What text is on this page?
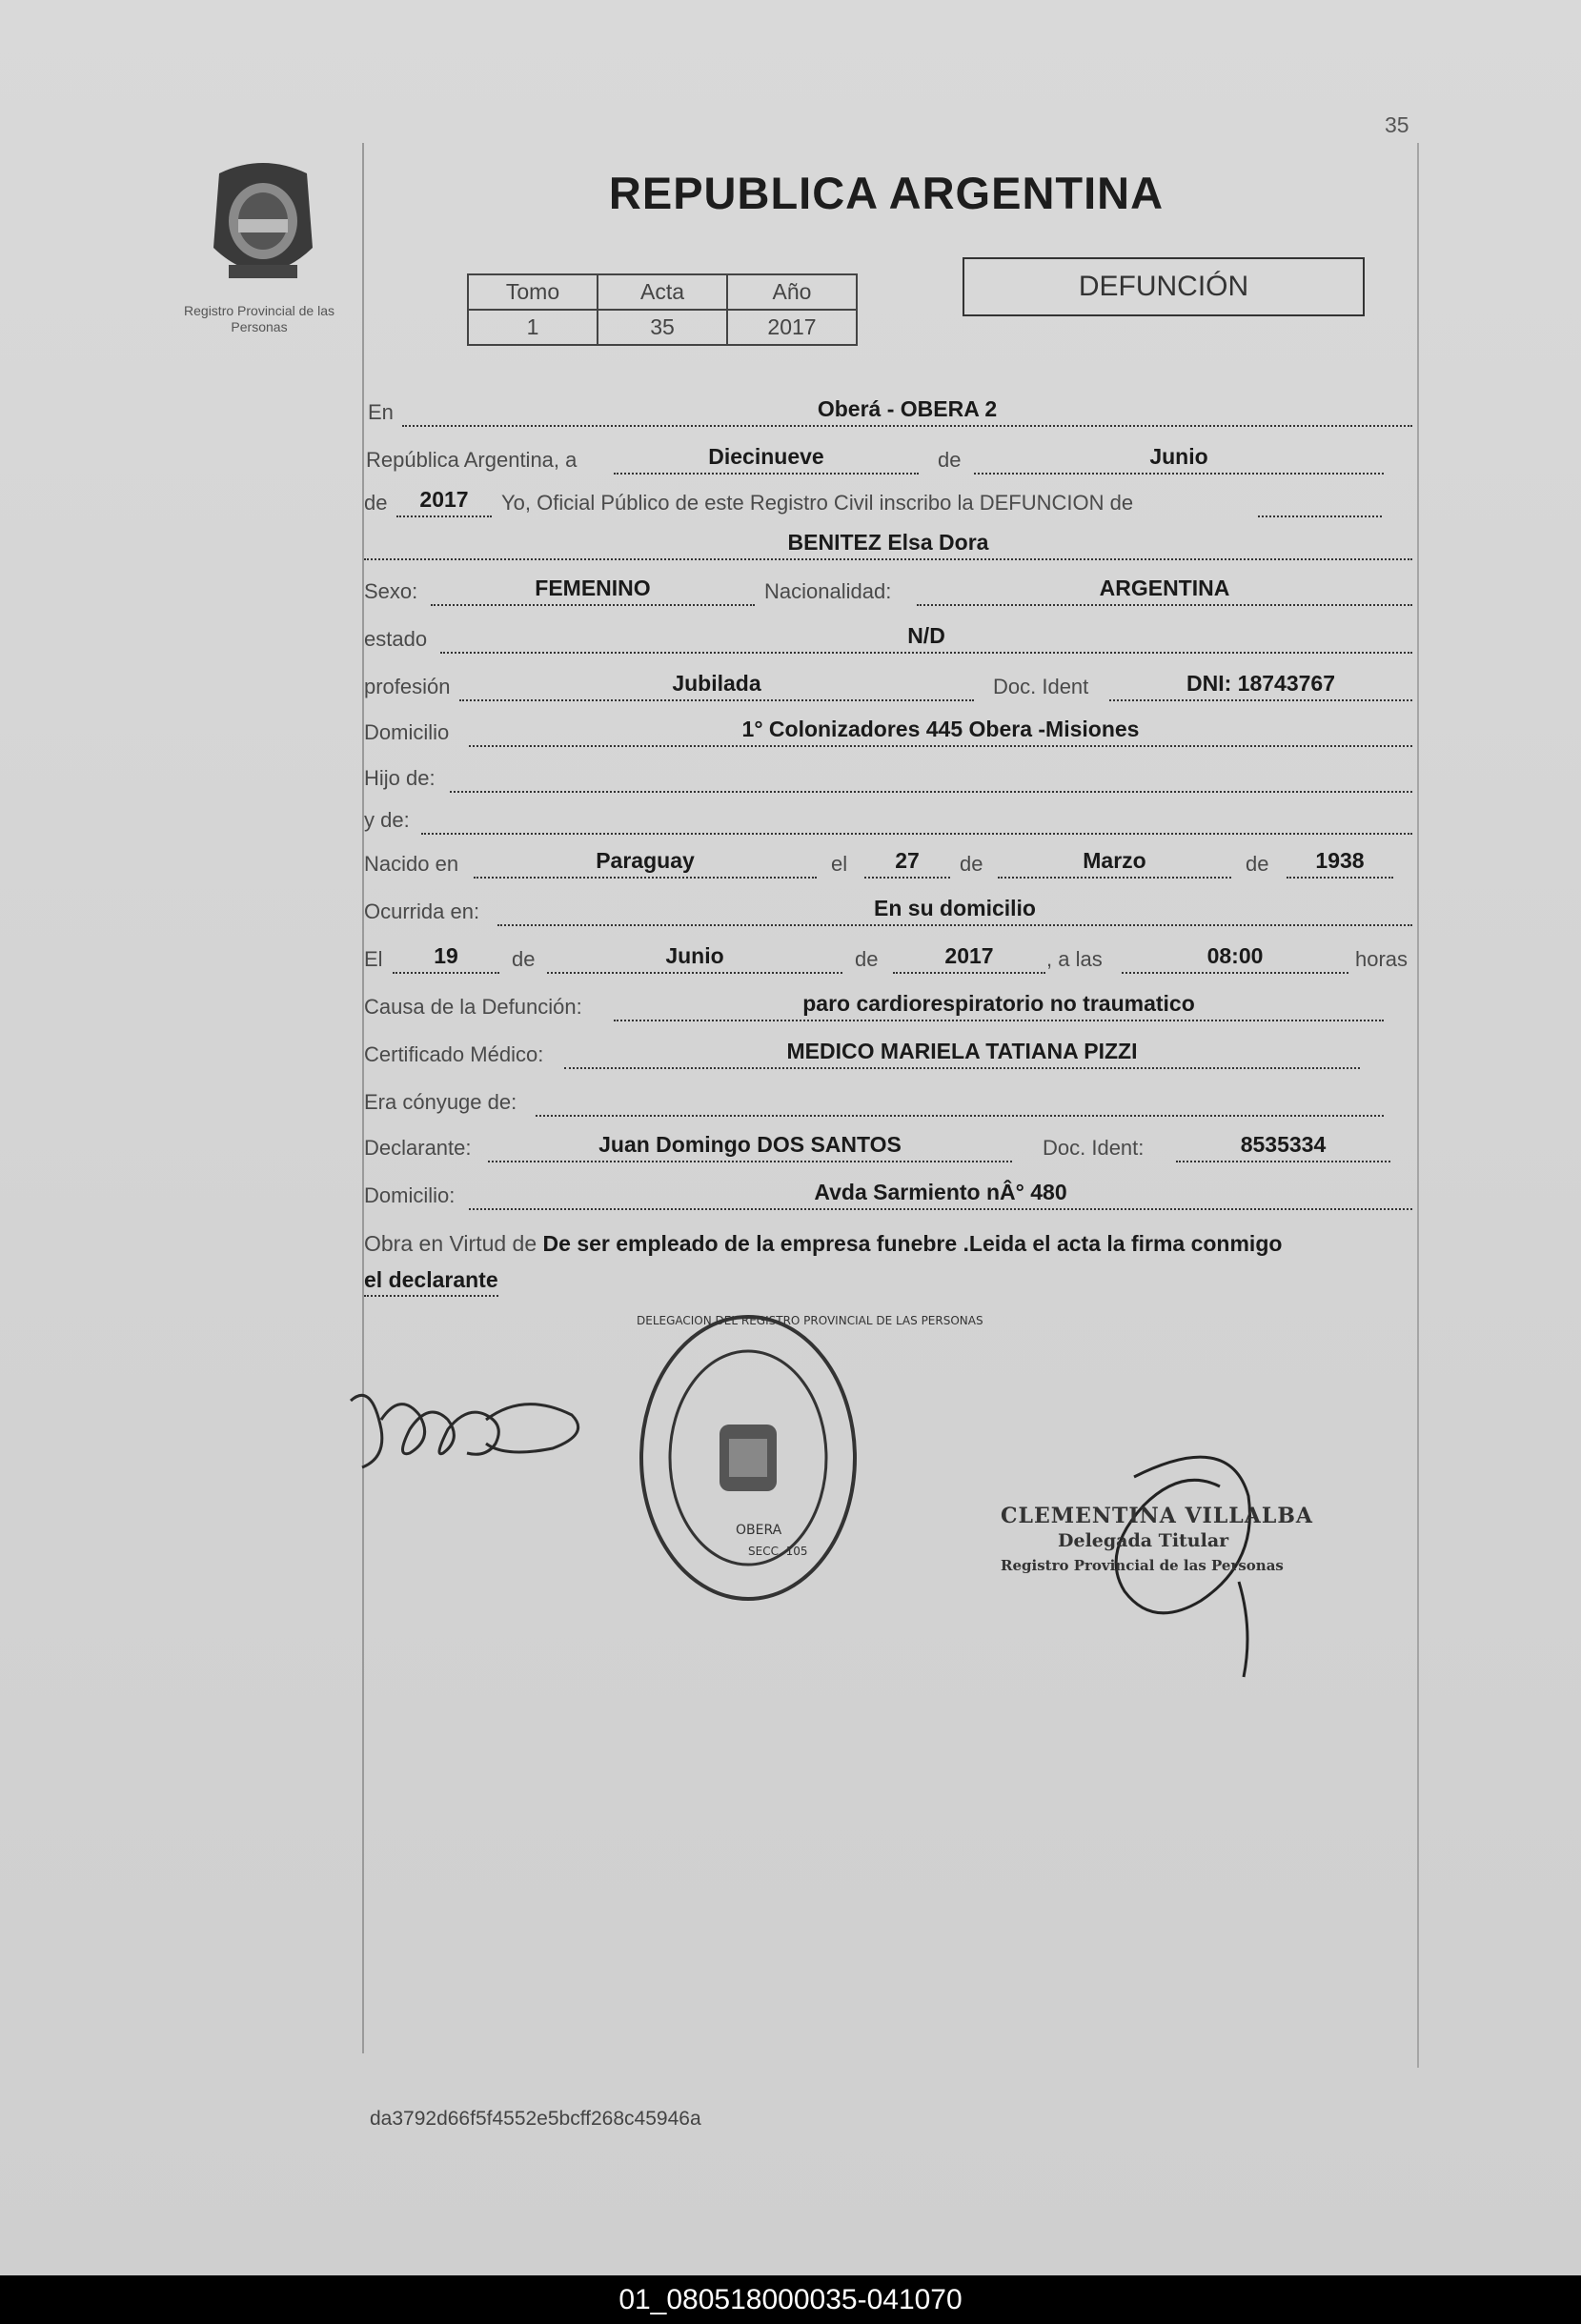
35
Registro Provincial de las Personas
REPUBLICA ARGENTINA
Tomo	Acta	Año
1	35	2017
DEFUNCIÓN
En	Oberá - OBERA 2
República Argentina, a	Diecinueve	de	Junio
de	2017	Yo, Oficial Público de este Registro Civil inscribo la DEFUNCION de
BENITEZ Elsa Dora
Sexo:	FEMENINO	Nacionalidad:	ARGENTINA
estado	N/D
profesión	Jubilada	Doc. Ident	DNI: 18743767
Domicilio	1° Colonizadores 445 Obera -Misiones
Hijo de:
y de:
Nacido en	Paraguay	el	27	de	Marzo	de	1938
Ocurrida en:	En su domicilio
El	19	de	Junio	de	2017	, a las	08:00	horas
Causa de la Defunción:	paro cardiorespiratorio no traumatico
Certificado Médico:	MEDICO MARIELA TATIANA PIZZI
Era cónyuge de:
Declarante:	Juan Domingo DOS SANTOS	Doc. Ident:	8535334
Domicilio:	Avda Sarmiento nÂ° 480
Obra en Virtud de De ser empleado de la empresa funebre .Leida el acta la firma conmigo
el declarante
OBERA
SECC. 105
DELEGACION DEL REGISTRO PROVINCIAL DE LAS PERSONAS
CLEMENTINA VILLALBA
Delegada Titular
Registro Provincial de las Personas
da3792d66f5f4552e5bcff268c45946a
01_080518000035-041070
